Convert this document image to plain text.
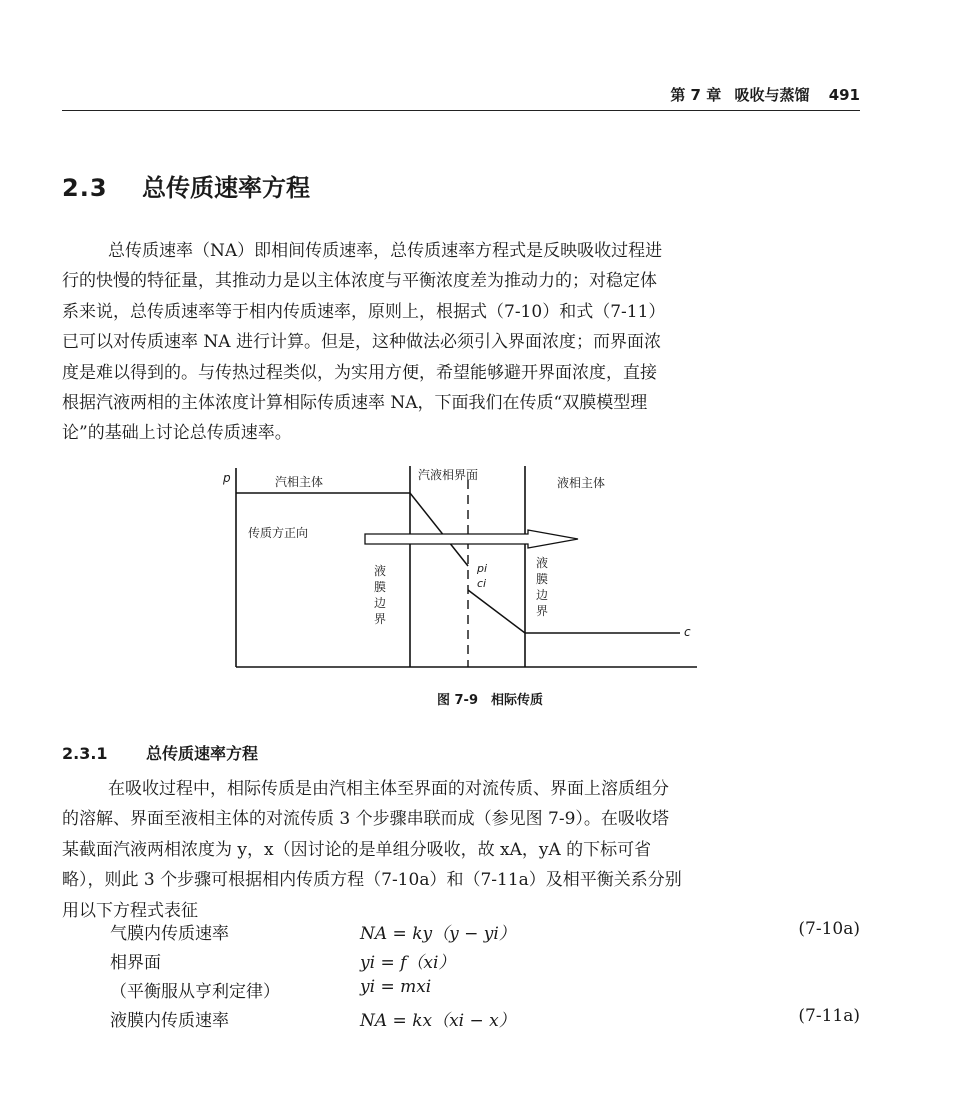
第 7 章 吸收与蒸馏 491
2.3 总传质速率方程
总传质速率（NA）即相间传质速率，总传质速率方程式是反映吸收过程进
行的快慢的特征量，其推动力是以主体浓度与平衡浓度差为推动力的；对稳定体
系来说，总传质速率等于相内传质速率，原则上，根据式（7-10）和式（7-11）
已可以对传质速率 NA 进行计算。但是，这种做法必须引入界面浓度；而界面浓
度是难以得到的。与传热过程类似，为实用方便，希望能够避开界面浓度，直接
根据汽液两相的主体浓度计算相际传质速率 NA，下面我们在传质“双膜模型理
论”的基础上讨论总传质速率。
p	汽相主体	汽液相界面
液相主体
传质方正向
液
膜
边
界
液
膜
边
界
pi
ci
c
图 7-9　相际传质
2.3.1 总传质速率方程
在吸收过程中，相际传质是由汽相主体至界面的对流传质、界面上溶质组分
的溶解、界面至液相主体的对流传质 3 个步骤串联而成（参见图 7-9）。在吸收塔
某截面汽液两相浓度为 y，x（因讨论的是单组分吸收，故 xA，yA 的下标可省
略），则此 3 个步骤可根据相内传质方程（7-10a）和（7-11a）及相平衡关系分别
用以下方程式表征
气膜内传质速率	NA = ky（y − yi）	(7-10a)
相界面	yi = f（xi）
（平衡服从亨利定律）	yi = mxi
液膜内传质速率	NA = kx（xi − x）	(7-11a)
